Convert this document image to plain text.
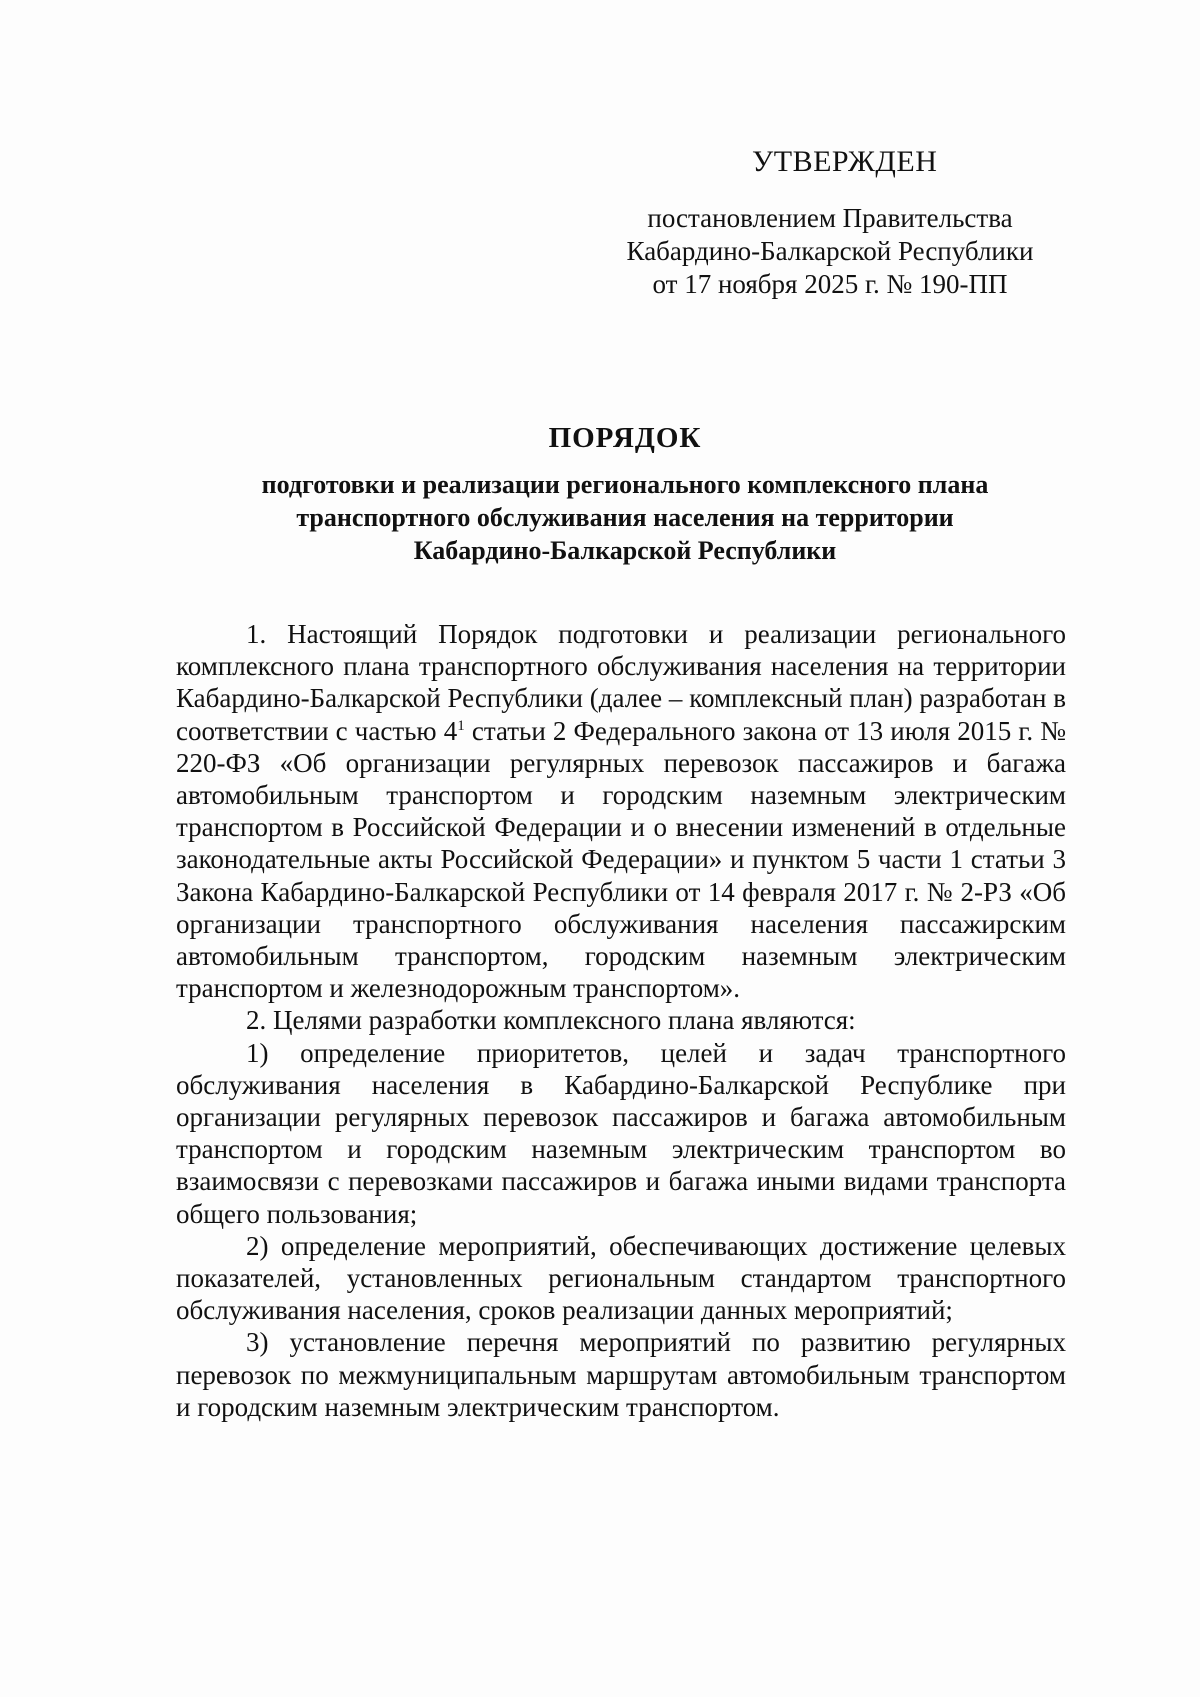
УТВЕРЖДЕН
постановлением Правительства
Кабардино-Балкарской Республики
от 17 ноября 2025 г. № 190-ПП
ПОРЯДОК
подготовки и реализации регионального комплексного плана
транспортного обслуживания населения на территории
Кабардино-Балкарской Республики

1. Настоящий Порядок подготовки и реализации регионального комплексного плана транспортного обслуживания населения на территории Кабардино-Балкарской Республики (далее – комплексный план) разработан в соответствии с частью $4^1$ статьи 2 Федерального закона от 13 июля 2015 г. № 220-ФЗ «Об организации регулярных перевозок пассажиров и багажа автомобильным транспортом и городским наземным электрическим транспортом в Российской Федерации и о внесении изменений в отдельные законодательные акты Российской Федерации» и пунктом 5 части 1 статьи 3 Закона Кабардино-Балкарской Республики от 14 февраля 2017 г. № 2-РЗ «Об организации транспортного обслуживания населения пассажирским автомобильным транспортом, городским наземным электрическим транспортом и железнодорожным транспортом».

2. Целями разработки комплексного плана являются:

1) определение приоритетов, целей и задач транспортного обслуживания населения в Кабардино-Балкарской Республике при организации регулярных перевозок пассажиров и багажа автомобильным транспортом и городским наземным электрическим транспортом во взаимосвязи с перевозками пассажиров и багажа иными видами транспорта общего пользования;

2) определение мероприятий, обеспечивающих достижение целевых показателей, установленных региональным стандартом транспортного обслуживания населения, сроков реализации данных мероприятий;

3) установление перечня мероприятий по развитию регулярных перевозок по межмуниципальным маршрутам автомобильным транспортом и городским наземным электрическим транспортом.
